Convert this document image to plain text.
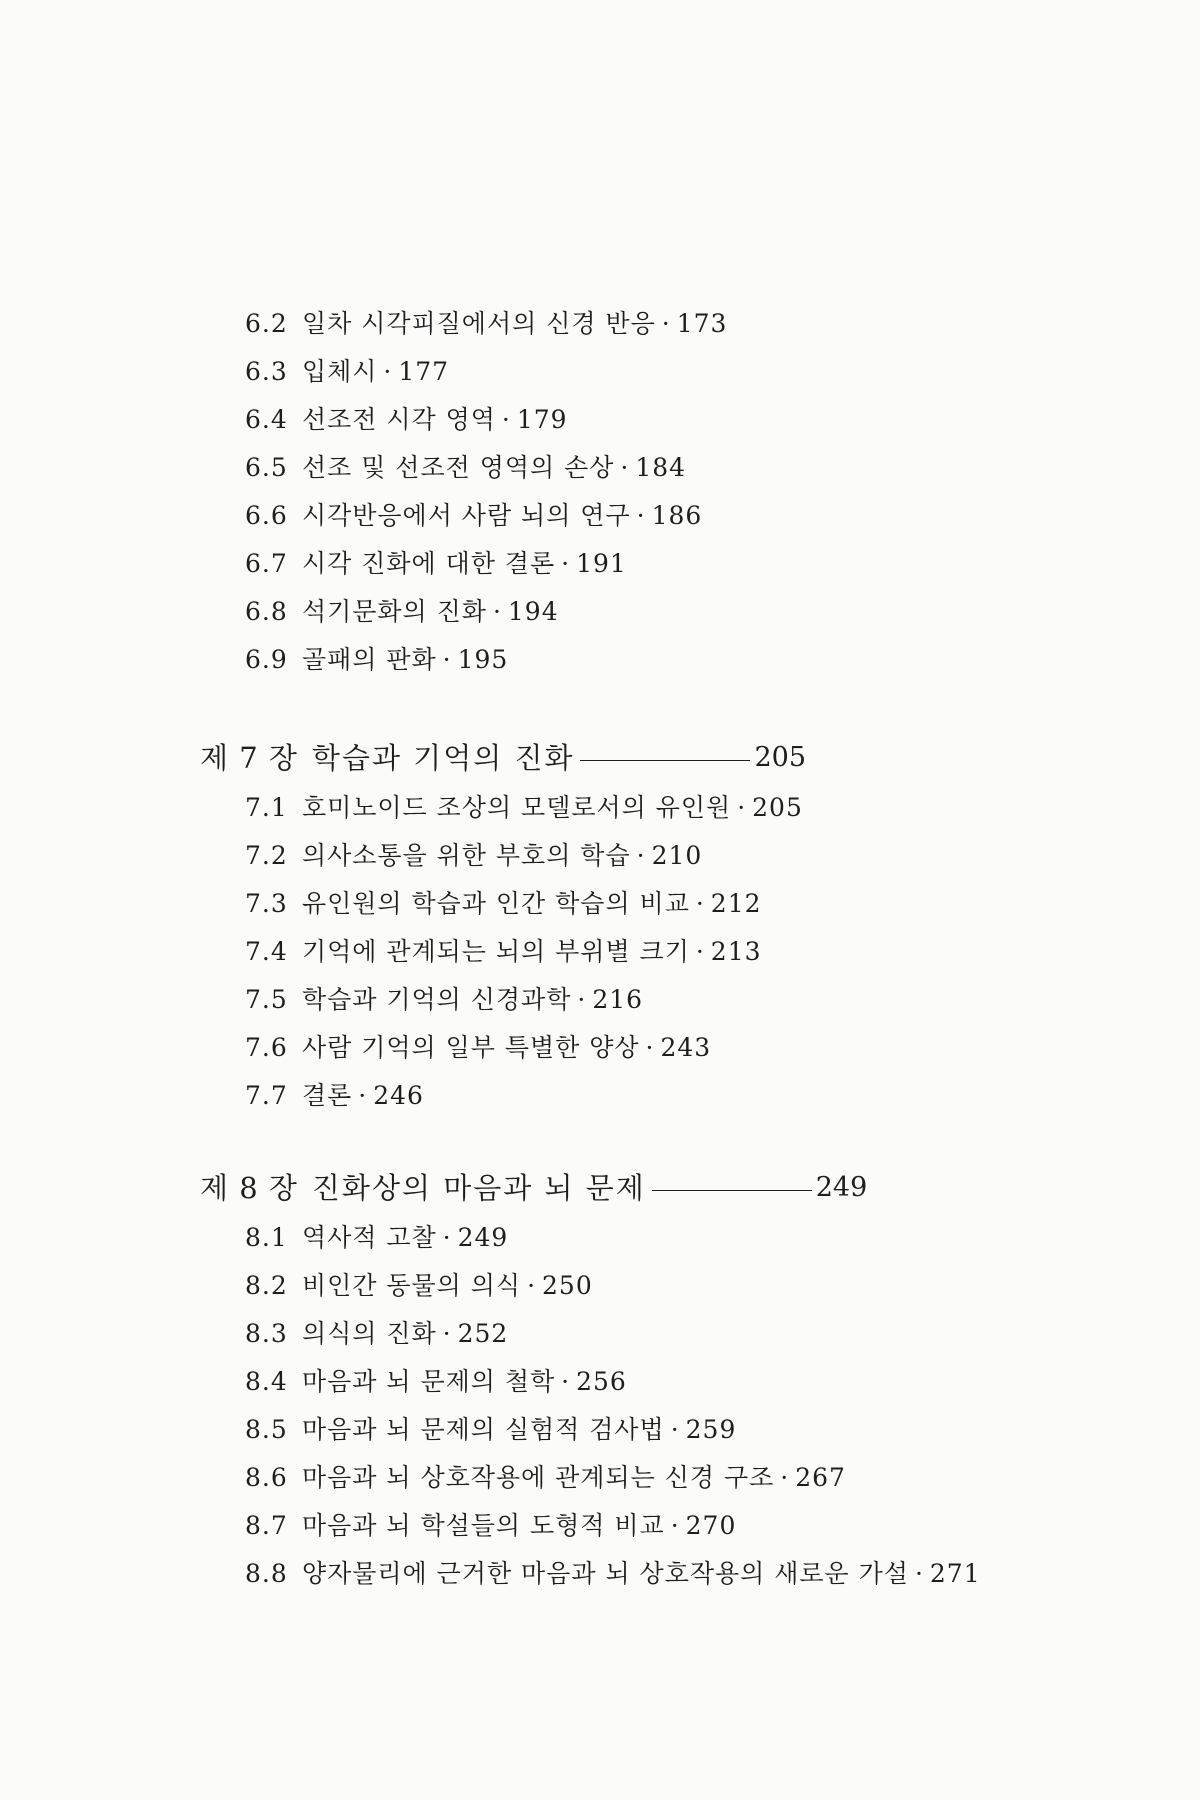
6.2 일차 시각피질에서의 신경 반응 · 173
6.3 입체시 · 177
6.4 선조전 시각 영역 · 179
6.5 선조 및 선조전 영역의 손상 · 184
6.6 시각반응에서 사람 뇌의 연구 · 186
6.7 시각 진화에 대한 결론 · 191
6.8 석기문화의 진화 · 194
6.9 골패의 판화 · 195
제 7 장 학습과 기억의 진화	205
7.1 호미노이드 조상의 모델로서의 유인원 · 205
7.2 의사소통을 위한 부호의 학습 · 210
7.3 유인원의 학습과 인간 학습의 비교 · 212
7.4 기억에 관계되는 뇌의 부위별 크기 · 213
7.5 학습과 기억의 신경과학 · 216
7.6 사람 기억의 일부 특별한 양상 · 243
7.7 결론 · 246
제 8 장 진화상의 마음과 뇌 문제	249
8.1 역사적 고찰 · 249
8.2 비인간 동물의 의식 · 250
8.3 의식의 진화 · 252
8.4 마음과 뇌 문제의 철학 · 256
8.5 마음과 뇌 문제의 실험적 검사법 · 259
8.6 마음과 뇌 상호작용에 관계되는 신경 구조 · 267
8.7 마음과 뇌 학설들의 도형적 비교 · 270
8.8 양자물리에 근거한 마음과 뇌 상호작용의 새로운 가설 · 271
